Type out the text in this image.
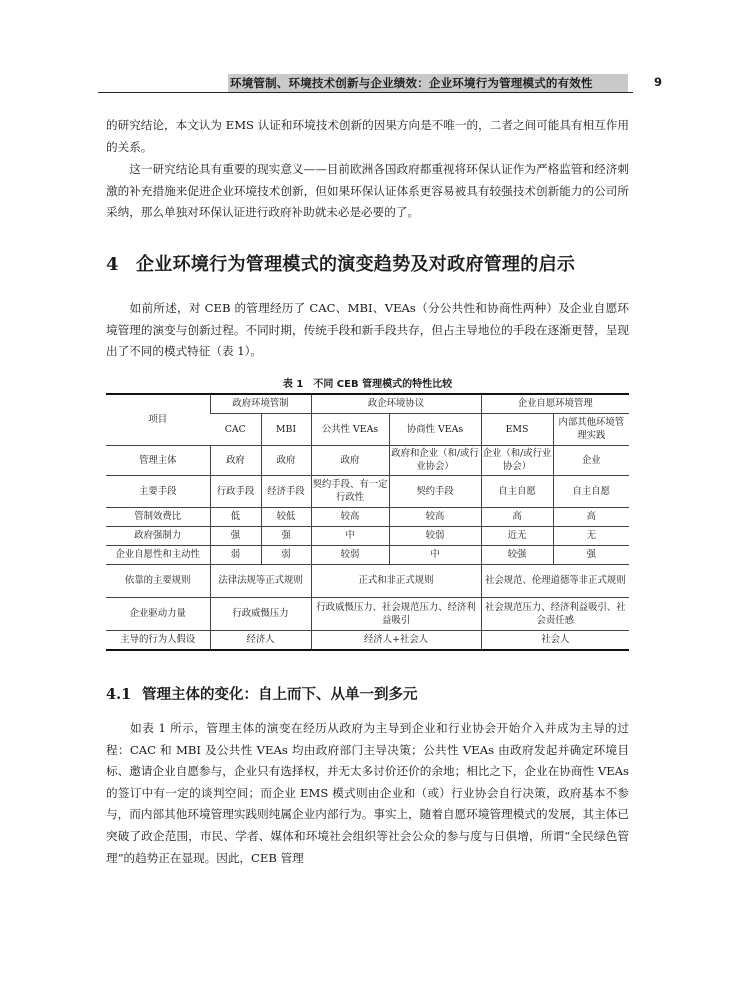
环境管制、环境技术创新与企业绩效：企业环境行为管理模式的有效性	9
的研究结论，本文认为 EMS 认证和环境技术创新的因果方向是不唯一的，二者之间可能具有相互作用的关系。
　　这一研究结论具有重要的现实意义——目前欧洲各国政府都重视将环保认证作为严格监管和经济刺激的补充措施来促进企业环境技术创新，但如果环保认证体系更容易被具有较强技术创新能力的公司所采纳，那么单独对环保认证进行政府补助就未必是必要的了。
4 企业环境行为管理模式的演变趋势及对政府管理的启示
　　如前所述，对 CEB 的管理经历了 CAC、MBI、VEAs（分公共性和协商性两种）及企业自愿环境管理的演变与创新过程。不同时期，传统手段和新手段共存，但占主导地位的手段在逐渐更替，呈现出了不同的模式特征（表 1）。
表 1　不同 CEB 管理模式的特性比较
项目	政府环境管制		政企环境协议		企业自愿环境管理	
	CAC	MBI	公共性 VEAs	协商性 VEAs	EMS	内部其他环境管理实践
管理主体	政府	政府	政府	政府和企业（和/或行业协会）	企业（和/或行业协会）	企业
主要手段	行政手段	经济手段	契约手段、有一定行政性	契约手段	自主自愿	自主自愿
管制效费比	低	较低	较高	较高	高	高
政府强制力	强	强	中	较弱	近无	无
企业自愿性和主动性	弱	弱	较弱	中	较强	强
依靠的主要规则	法律法规等正式规则		正式和非正式规则		社会规范、伦理道德等非正式规则	
企业驱动力量	行政威慑压力		行政威慑压力、社会规范压力、经济利益吸引		社会规范压力、经济利益吸引、社会责任感	
主导的行为人假设	经济人		经济人+社会人		社会人	
4.1 管理主体的变化：自上而下、从单一到多元
　　如表 1 所示，管理主体的演变在经历从政府为主导到企业和行业协会开始介入并成为主导的过程：CAC 和 MBI 及公共性 VEAs 均由政府部门主导决策；公共性 VEAs 由政府发起并确定环境目标、邀请企业自愿参与，企业只有选择权，并无太多讨价还价的余地；相比之下，企业在协商性 VEAs 的签订中有一定的谈判空间；而企业 EMS 模式则由企业和（或）行业协会自行决策，政府基本不参与，而内部其他环境管理实践则纯属企业内部行为。事实上，随着自愿环境管理模式的发展，其主体已突破了政企范围，市民、学者、媒体和环境社会组织等社会公众的参与度与日俱增，所谓“全民绿色管理”的趋势正在显现。因此，CEB 管理
